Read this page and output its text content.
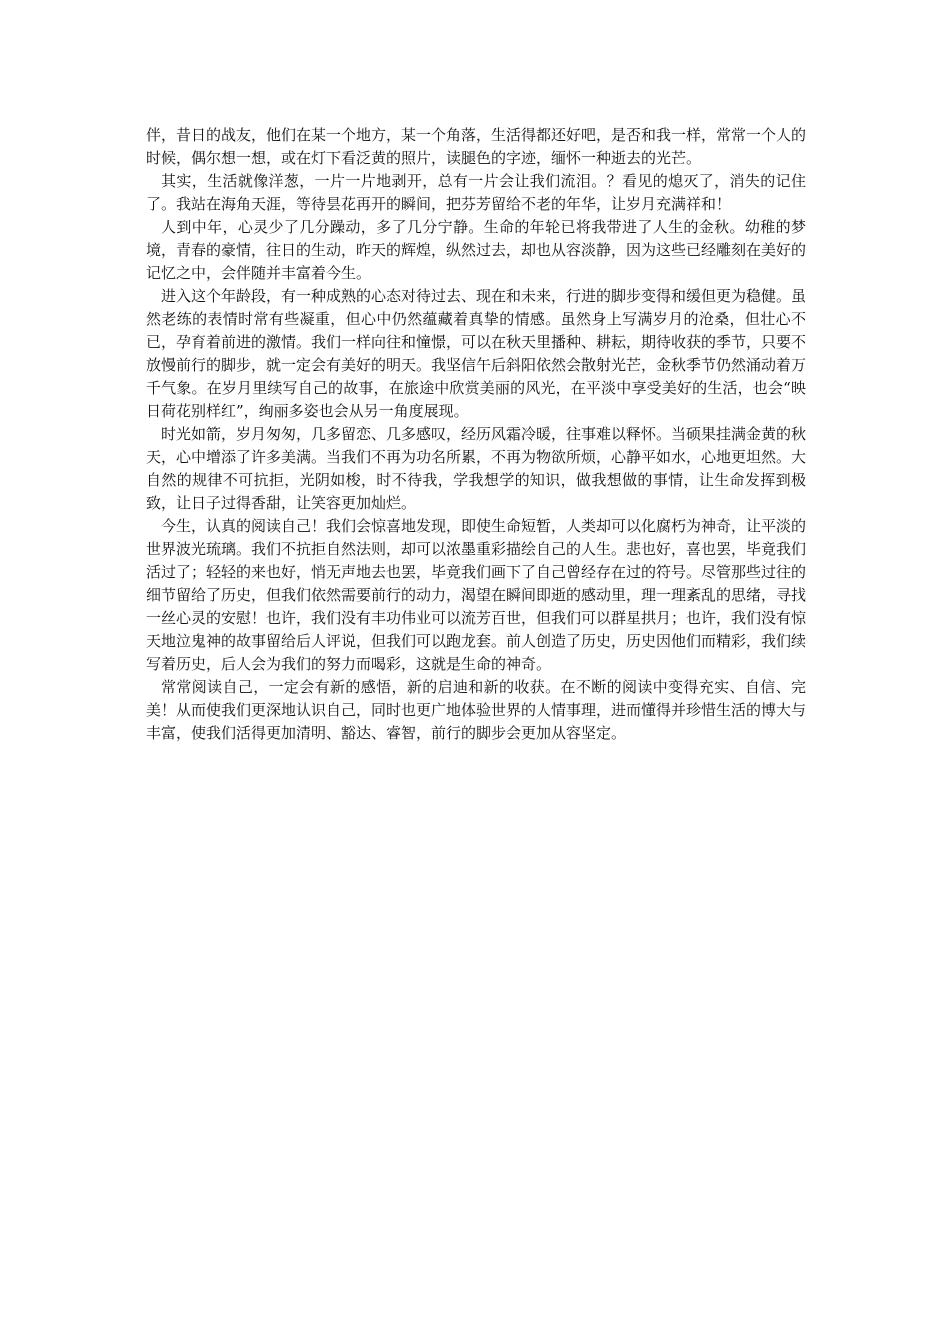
伴，昔日的战友，他们在某一个地方，某一个角落，生活得都还好吧，是否和我一样，常常一个人的时候，偶尔想一想，或在灯下看泛黄的照片，读腿色的字迹，缅怀一种逝去的光芒。

其实，生活就像洋葱，一片一片地剥开，总有一片会让我们流泪。？看见的熄灭了，消失的记住了。我站在海角天涯，等待昙花再开的瞬间，把芬芳留给不老的年华，让岁月充满祥和！

人到中年，心灵少了几分躁动，多了几分宁静。生命的年轮已将我带进了人生的金秋。幼稚的梦境，青春的豪情，往日的生动，昨天的辉煌，纵然过去，却也从容淡静，因为这些已经雕刻在美好的记忆之中，会伴随并丰富着今生。

进入这个年龄段，有一种成熟的心态对待过去、现在和未来，行进的脚步变得和缓但更为稳健。虽然老练的表情时常有些凝重，但心中仍然蕴藏着真挚的情感。虽然身上写满岁月的沧桑，但壮心不已，孕育着前进的激情。我们一样向往和憧憬，可以在秋天里播种、耕耘，期待收获的季节，只要不放慢前行的脚步，就一定会有美好的明天。我坚信午后斜阳依然会散射光芒，金秋季节仍然涌动着万千气象。在岁月里续写自己的故事，在旅途中欣赏美丽的风光，在平淡中享受美好的生活，也会“映日荷花别样红”，绚丽多姿也会从另一角度展现。

时光如箭，岁月匆匆，几多留恋、几多感叹，经历风霜冷暖，往事难以释怀。当硕果挂满金黄的秋天，心中增添了许多美满。当我们不再为功名所累，不再为物欲所烦，心静平如水，心地更坦然。大自然的规律不可抗拒，光阴如梭，时不待我，学我想学的知识，做我想做的事情，让生命发挥到极致，让日子过得香甜，让笑容更加灿烂。

今生，认真的阅读自己！我们会惊喜地发现，即使生命短暂，人类却可以化腐朽为神奇，让平淡的世界波光琉璃。我们不抗拒自然法则，却可以浓墨重彩描绘自己的人生。悲也好，喜也罢，毕竟我们活过了；轻轻的来也好，悄无声地去也罢，毕竟我们画下了自己曾经存在过的符号。尽管那些过往的细节留给了历史，但我们依然需要前行的动力，渴望在瞬间即逝的感动里，理一理紊乱的思绪，寻找一丝心灵的安慰！也许，我们没有丰功伟业可以流芳百世，但我们可以群星拱月；也许，我们没有惊天地泣鬼神的故事留给后人评说，但我们可以跑龙套。前人创造了历史，历史因他们而精彩，我们续写着历史，后人会为我们的努力而喝彩，这就是生命的神奇。

常常阅读自己，一定会有新的感悟，新的启迪和新的收获。在不断的阅读中变得充实、自信、完美！从而使我们更深地认识自己，同时也更广地体验世界的人情事理，进而懂得并珍惜生活的博大与丰富，使我们活得更加清明、豁达、睿智，前行的脚步会更加从容坚定。
